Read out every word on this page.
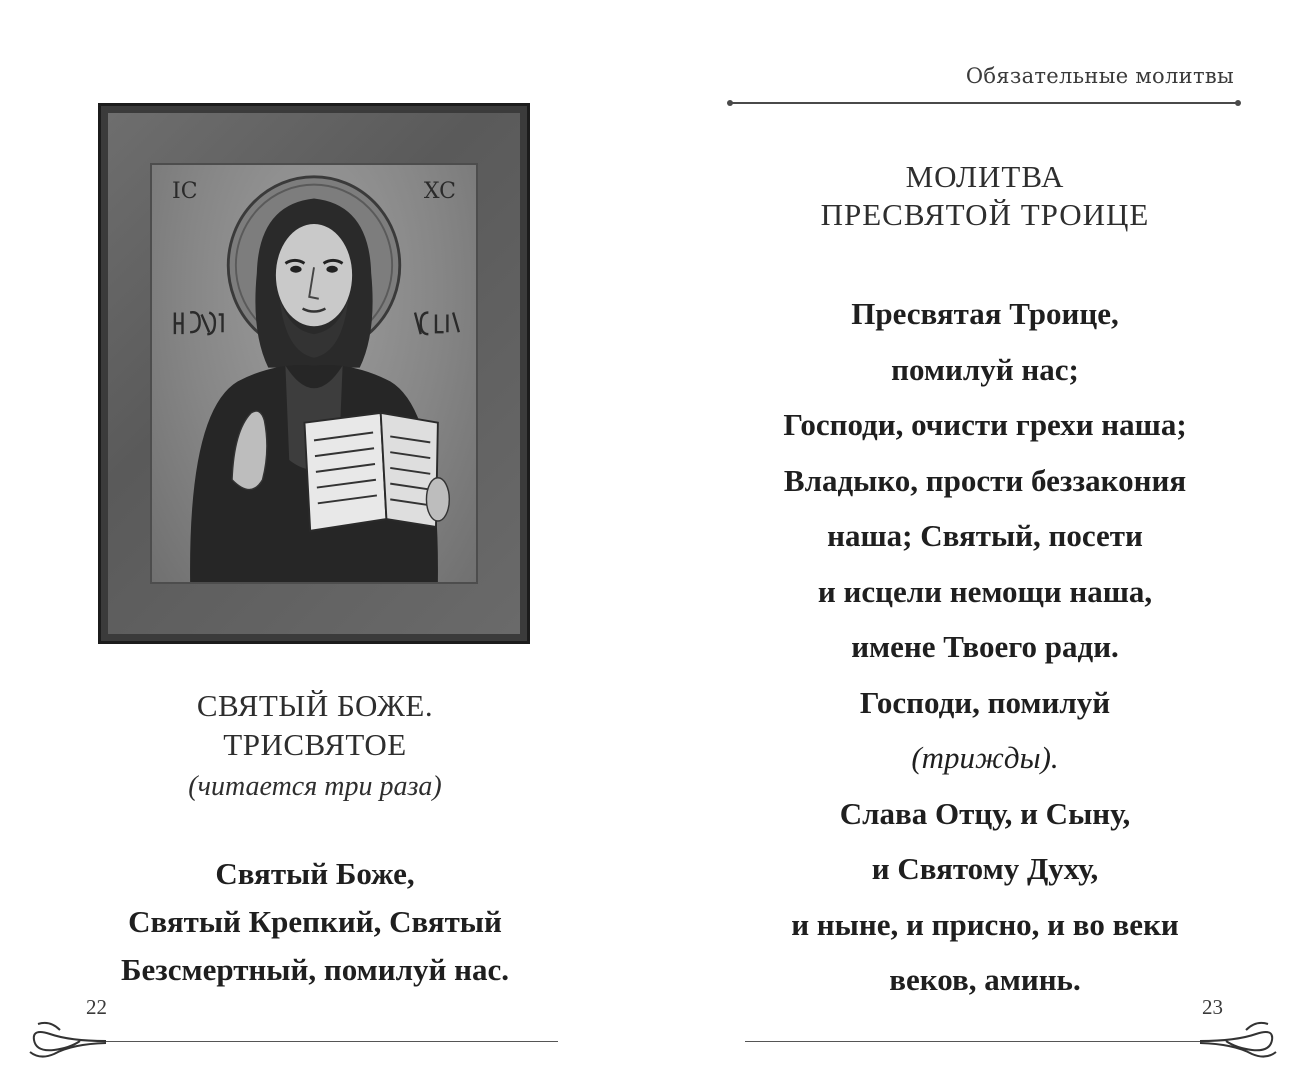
Обязательные молитвы
IC	XC
СВЯТЫЙ БОЖЕ.
ТРИСВЯТОЕ
(читается три раза)
Святый Боже,
Святый Крепкий, Святый
Безсмертный, помилуй нас.
МОЛИТВА
ПРЕСВЯТОЙ ТРОИЦЕ
Пресвятая Троице,
помилуй нас;
Господи, очисти грехи наша;
Владыко, прости беззакония
наша; Святый, посети
и исцели немощи наша,
имене Твоего ради.
Господи, помилуй
(трижды).
Слава Отцу, и Сыну,
и Святому Духу,
и ныне, и присно, и во веки
веков, аминь.
22	23
